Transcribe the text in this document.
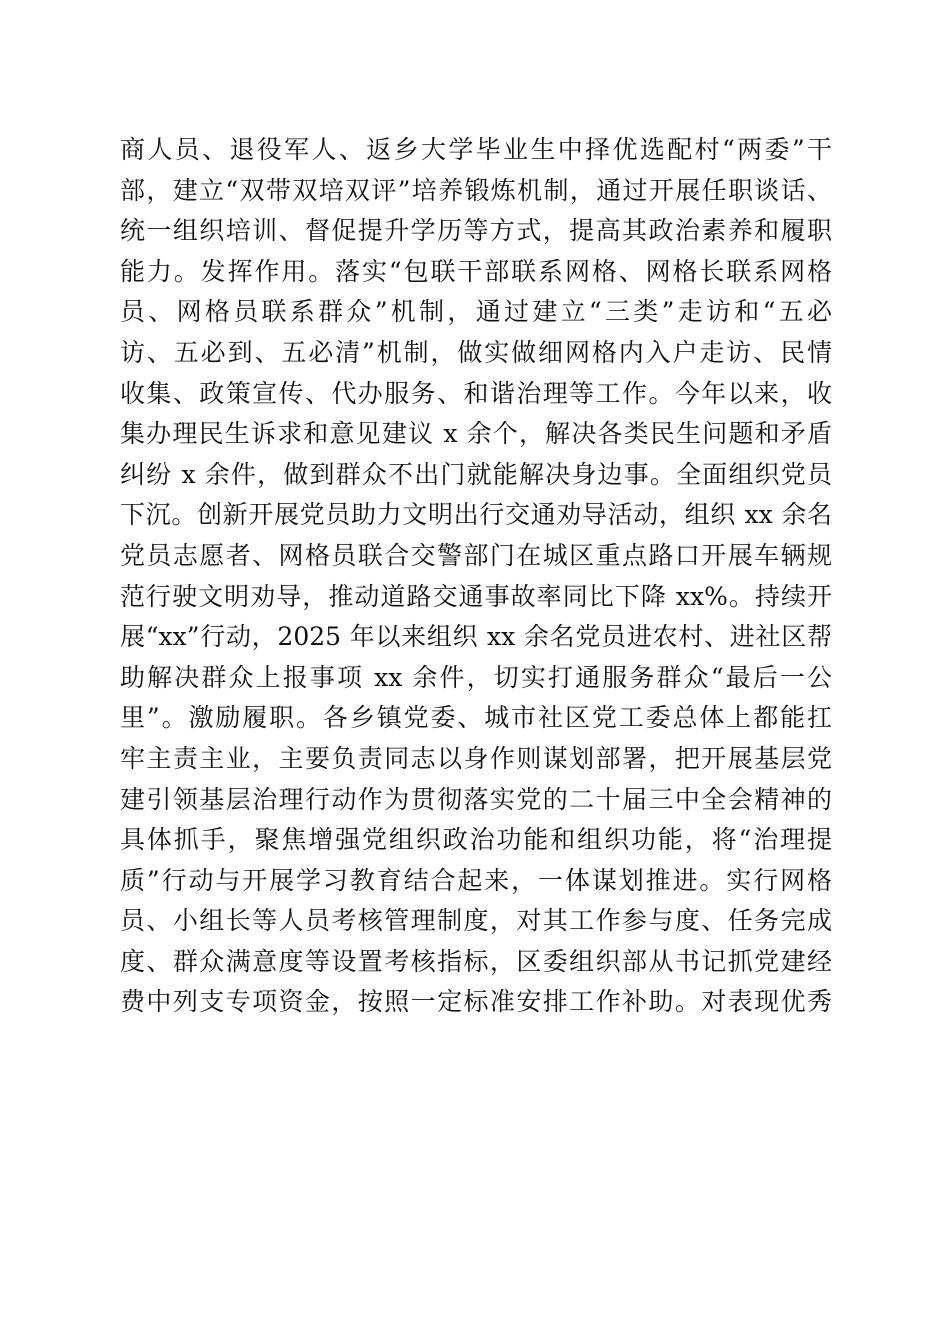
商人员、退役军人、返乡大学毕业生中择优选配村“两委”干
部，建立“双带双培双评”培养锻炼机制，通过开展任职谈话、
统一组织培训、督促提升学历等方式，提高其政治素养和履职
能力。发挥作用。落实“包联干部联系网格、网格长联系网格
员、网格员联系群众”机制，通过建立“三类”走访和“五必
访、五必到、五必清”机制，做实做细网格内入户走访、民情
收集、政策宣传、代办服务、和谐治理等工作。今年以来，收
集办理民生诉求和意见建议 x 余个，解决各类民生问题和矛盾
纠纷 x 余件，做到群众不出门就能解决身边事。全面组织党员
下沉。创新开展党员助力文明出行交通劝导活动，组织 xx 余名
党员志愿者、网格员联合交警部门在城区重点路口开展车辆规
范行驶文明劝导，推动道路交通事故率同比下降 xx%。持续开
展“xx”行动，2025 年以来组织 xx 余名党员进农村、进社区帮
助解决群众上报事项 xx 余件，切实打通服务群众“最后一公
里”。激励履职。各乡镇党委、城市社区党工委总体上都能扛
牢主责主业，主要负责同志以身作则谋划部署，把开展基层党
建引领基层治理行动作为贯彻落实党的二十届三中全会精神的
具体抓手，聚焦增强党组织政治功能和组织功能，将“治理提
质”行动与开展学习教育结合起来，一体谋划推进。实行网格
员、小组长等人员考核管理制度，对其工作参与度、任务完成
度、群众满意度等设置考核指标，区委组织部从书记抓党建经
费中列支专项资金，按照一定标准安排工作补助。对表现优秀
